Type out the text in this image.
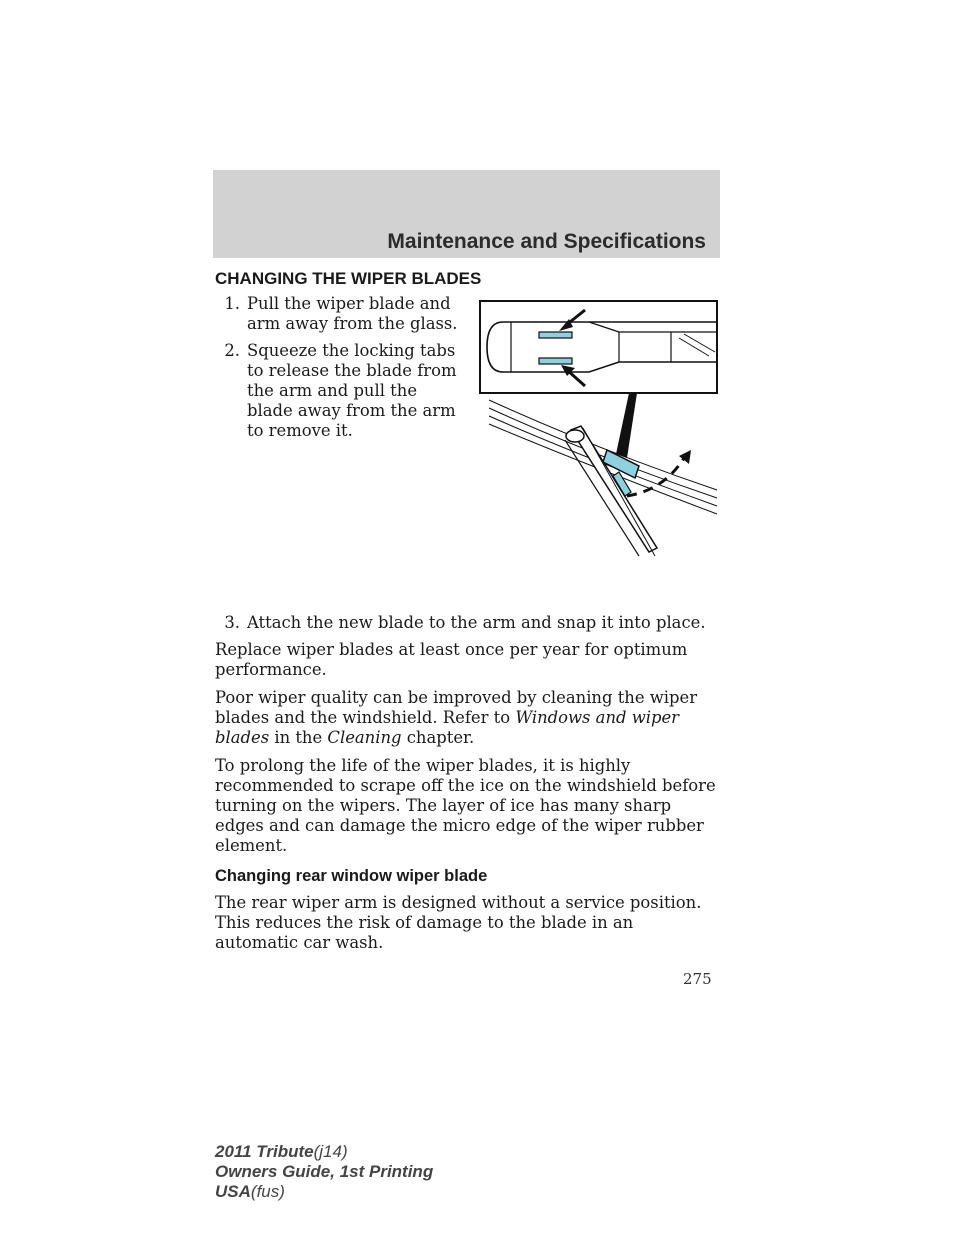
Maintenance and Specifications
CHANGING THE WIPER BLADES
1. Pull the wiper blade and arm away from the glass.
2. Squeeze the locking tabs to release the blade from the arm and pull the blade away from the arm to remove it.
3. Attach the new blade to the arm and snap it into place.

Replace wiper blades at least once per year for optimum performance.

Poor wiper quality can be improved by cleaning the wiper blades and the windshield. Refer to Windows and wiper blades in the Cleaning chapter.

To prolong the life of the wiper blades, it is highly recommended to scrape off the ice on the windshield before turning on the wipers. The layer of ice has many sharp edges and can damage the micro edge of the wiper rubber element.

Changing rear window wiper blade

The rear wiper arm is designed without a service position. This reduces the risk of damage to the blade in an automatic car wash.

275
2011 Tribute(j14)
Owners Guide, 1st Printing
USA(fus)
